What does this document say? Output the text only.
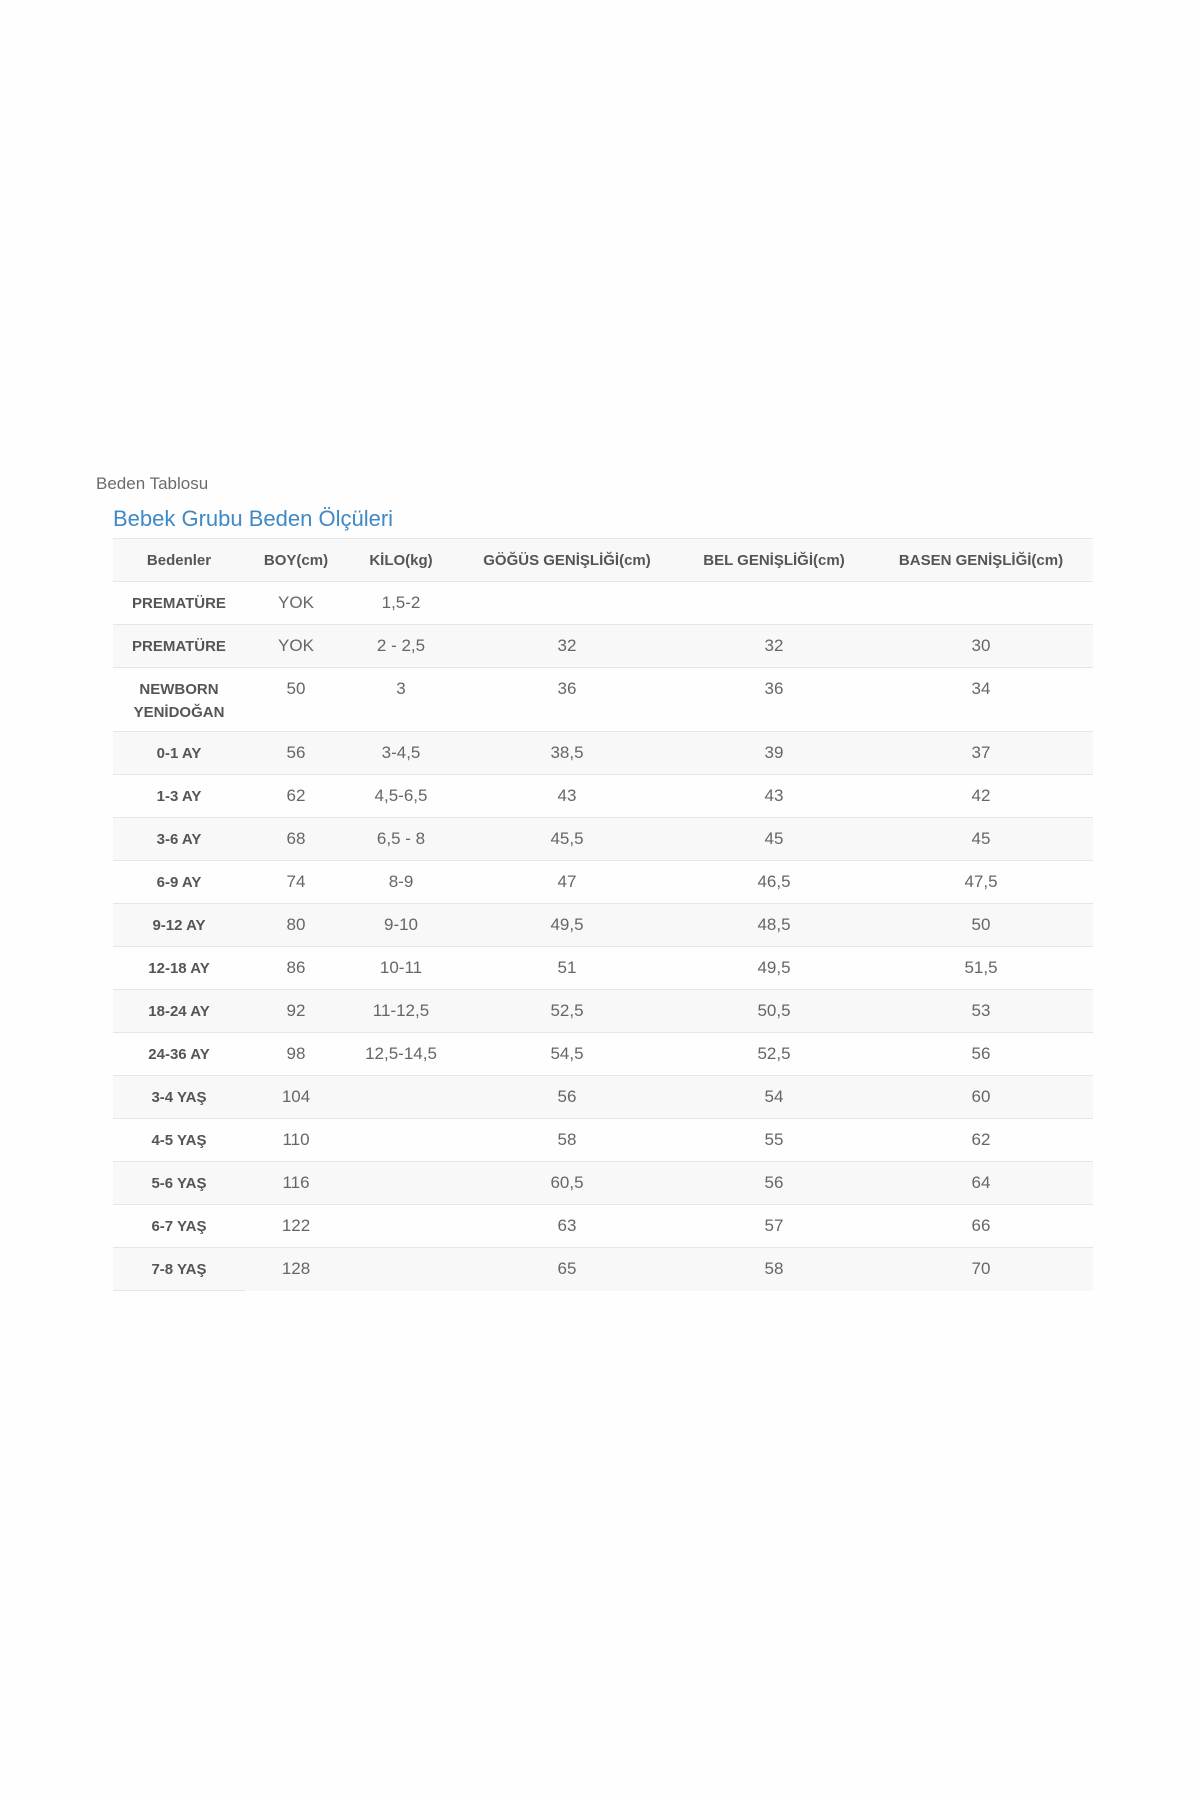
Beden Tablosu
Bebek Grubu Beden Ölçüleri
Bedenler	BOY(cm)	KİLO(kg)	GÖĞÜS GENİŞLİĞİ(cm)	BEL GENİŞLİĞİ(cm)	BASEN GENİŞLİĞİ(cm)

PREMATÜRE	YOK	1,5-2			

PREMATÜRE	YOK	2 - 2,5	32	32	30

NEWBORN
YENİDOĞAN	50	3	36	36	34

0-1 AY	56	3-4,5	38,5	39	37

1-3 AY	62	4,5-6,5	43	43	42

3-6 AY	68	6,5 - 8	45,5	45	45

6-9 AY	74	8-9	47	46,5	47,5

9-12 AY	80	9-10	49,5	48,5	50

12-18 AY	86	10-11	51	49,5	51,5

18-24 AY	92	11-12,5	52,5	50,5	53

24-36 AY	98	12,5-14,5	54,5	52,5	56

3-4 YAŞ	104		56	54	60

4-5 YAŞ	110		58	55	62

5-6 YAŞ	116		60,5	56	64

6-7 YAŞ	122		63	57	66

7-8 YAŞ	128		65	58	70
